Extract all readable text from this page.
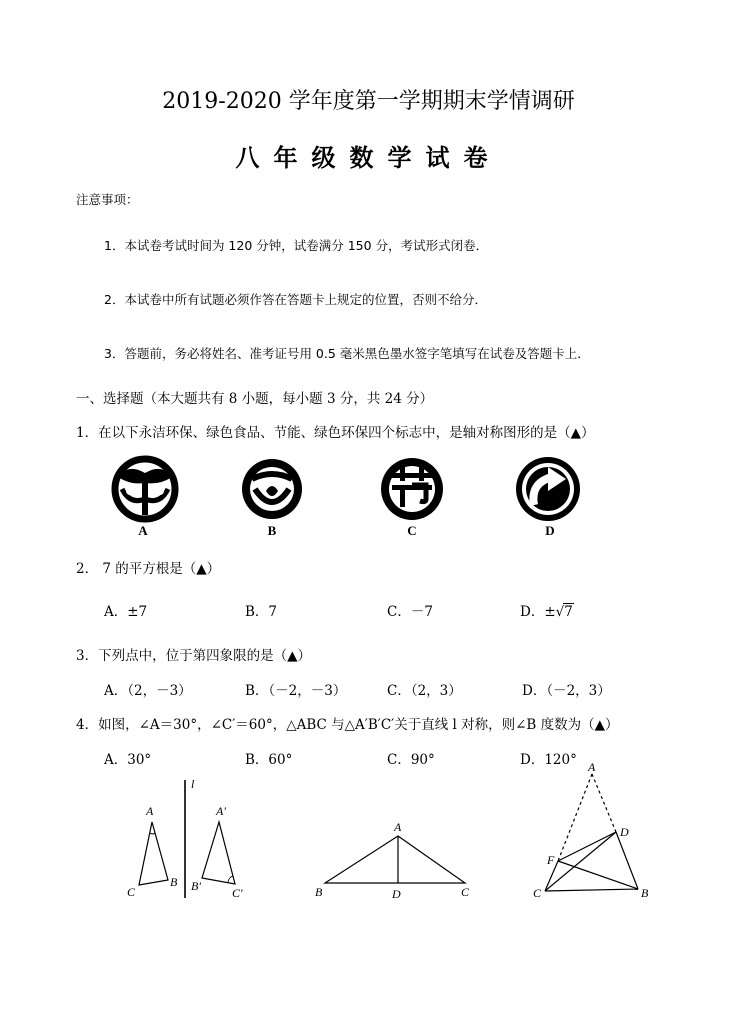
2019-2020 学年度第一学期期末学情调研
八年级数学试卷
注意事项：
1．本试卷考试时间为 120 分钟，试卷满分 150 分，考试形式闭卷．
2．本试卷中所有试题必须作答在答题卡上规定的位置，否则不给分．
3．答题前，务必将姓名、准考证号用 0.5 毫米黑色墨水签字笔填写在试卷及答题卡上．
一、选择题（本大题共有 8 小题，每小题 3 分，共 24 分）
1．在以下永洁环保、绿色食品、节能、绿色环保四个标志中，是轴对称图形的是（▲）
A	B	C	D
2． 7 的平方根是（▲）
A．±7	B．7	C．－7	D．±√7
3．下列点中，位于第四象限的是（▲）
A．（2，－3）	B．（－2，－3）	C．（2，3）	D．（－2，3）
4．如图，∠A＝30°，∠C′＝60°，△ABC 与△A′B′C′关于直线 l 对称，则∠B 度数为（▲）
A．30°	B．60°	C．90°	D．120°
l
A
C
B
A′
B′	C′
A
B	D	C
A
D
F
C	B
